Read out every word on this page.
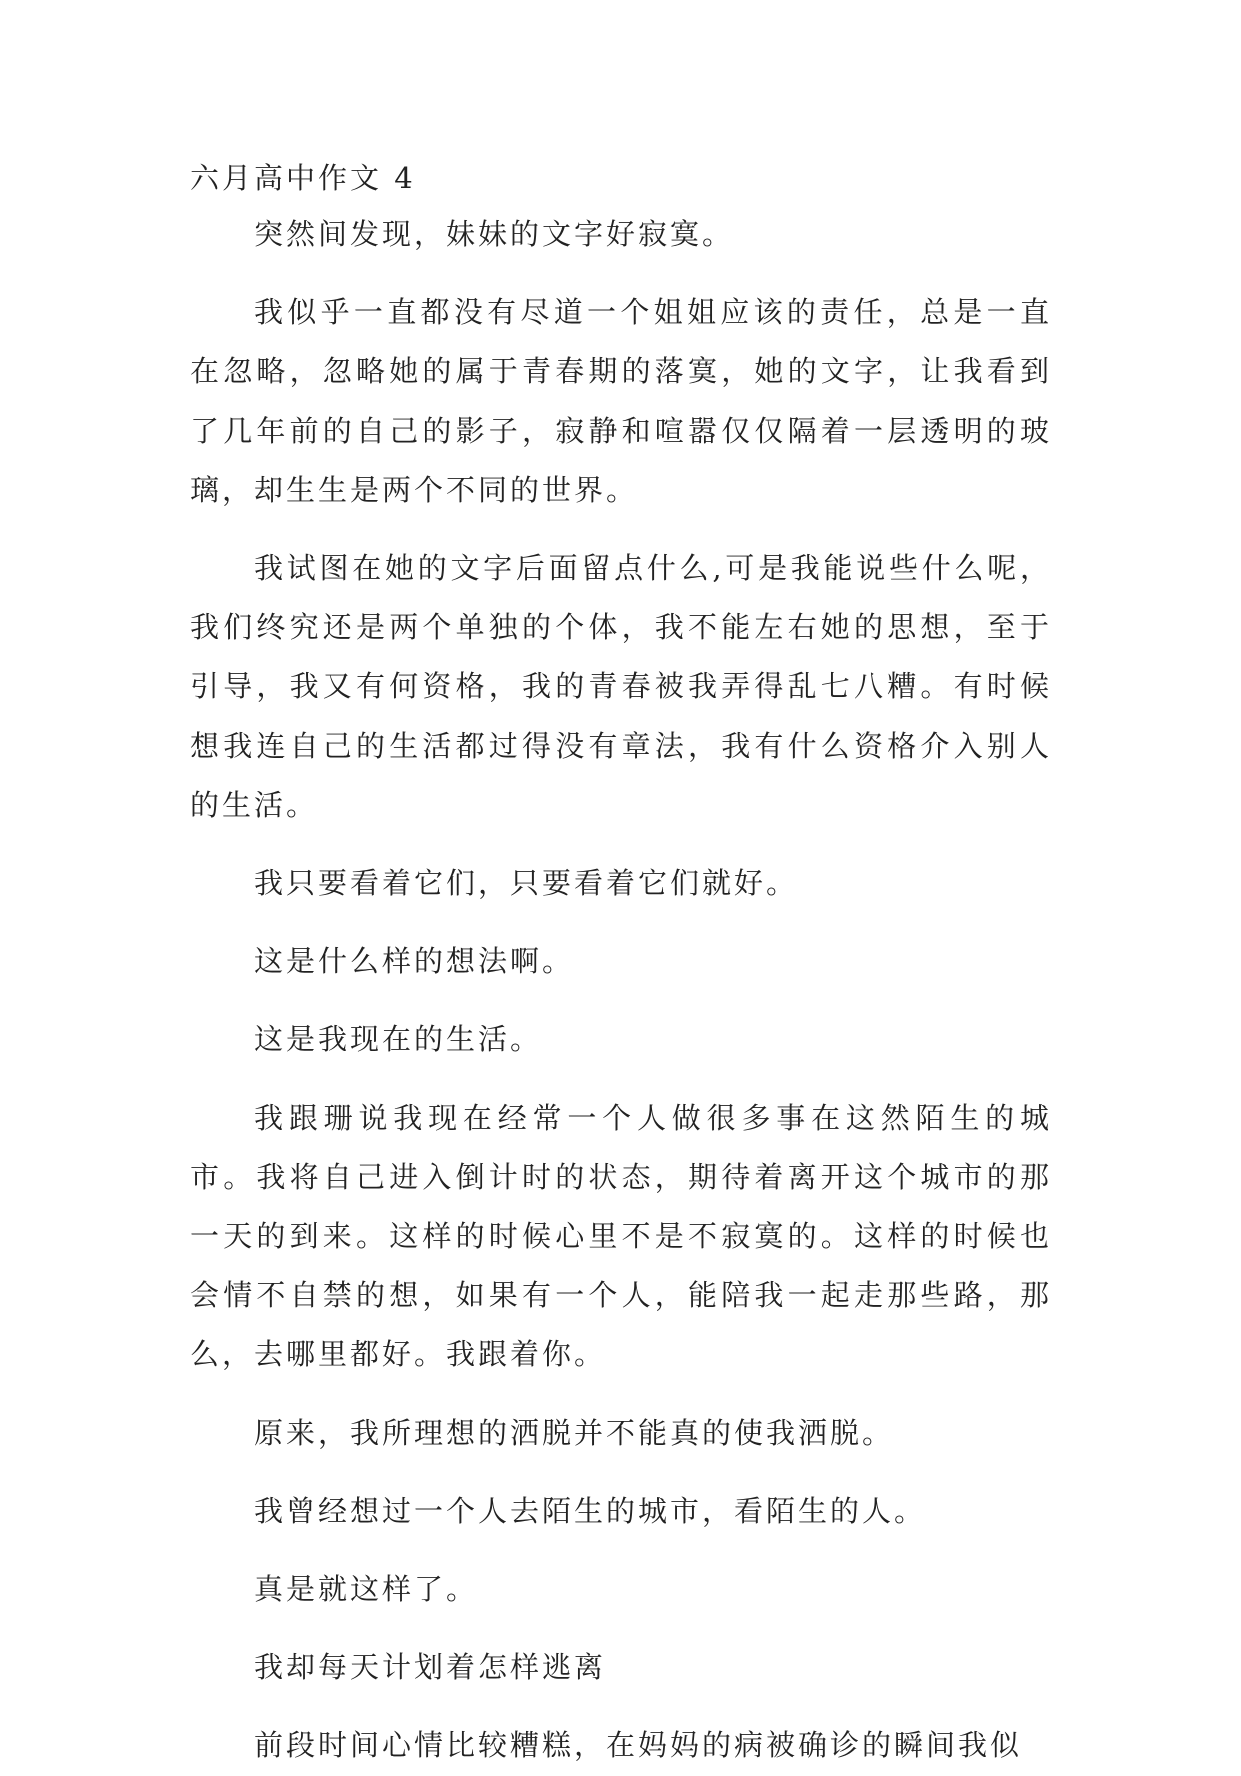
六月高中作文 4

突然间发现，妹妹的文字好寂寞。

我似乎一直都没有尽道一个姐姐应该的责任，总是一直在忽略，忽略她的属于青春期的落寞，她的文字，让我看到了几年前的自己的影子，寂静和喧嚣仅仅隔着一层透明的玻璃，却生生是两个不同的世界。

我试图在她的文字后面留点什么,可是我能说些什么呢，我们终究还是两个单独的个体，我不能左右她的思想，至于引导，我又有何资格，我的青春被我弄得乱七八糟。有时候想我连自己的生活都过得没有章法，我有什么资格介入别人的生活。

我只要看着它们，只要看着它们就好。

这是什么样的想法啊。

这是我现在的生活。

我跟珊说我现在经常一个人做很多事在这然陌生的城市。我将自己进入倒计时的状态，期待着离开这个城市的那一天的到来。这样的时候心里不是不寂寞的。这样的时候也会情不自禁的想，如果有一个人，能陪我一起走那些路，那么，去哪里都好。我跟着你。

原来，我所理想的洒脱并不能真的使我洒脱。

我曾经想过一个人去陌生的城市，看陌生的人。

真是就这样了。

我却每天计划着怎样逃离

前段时间心情比较糟糕，在妈妈的病被确诊的瞬间我似
